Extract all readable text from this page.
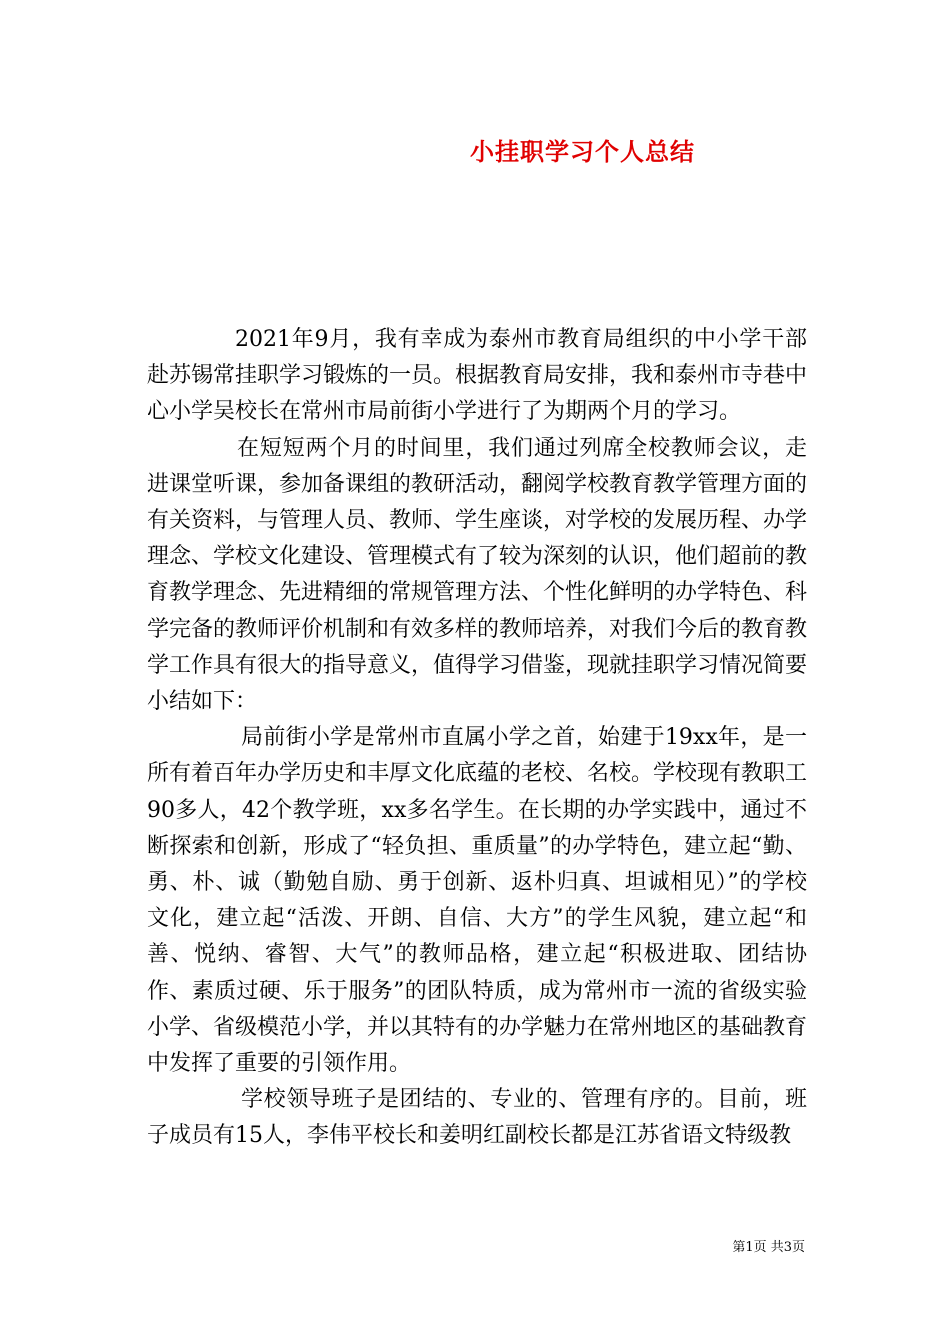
小挂职学习个人总结

2021年9月，我有幸成为泰州市教育局组织的中小学干部赴苏锡常挂职学习锻炼的一员。根据教育局安排，我和泰州市寺巷中心小学吴校长在常州市局前街小学进行了为期两个月的学习。

在短短两个月的时间里，我们通过列席全校教师会议，走进课堂听课，参加备课组的教研活动，翻阅学校教育教学管理方面的有关资料，与管理人员、教师、学生座谈，对学校的发展历程、办学理念、学校文化建设、管理模式有了较为深刻的认识，他们超前的教育教学理念、先进精细的常规管理方法、个性化鲜明的办学特色、科学完备的教师评价机制和有效多样的教师培养，对我们今后的教育教学工作具有很大的指导意义，值得学习借鉴，现就挂职学习情况简要小结如下：

局前街小学是常州市直属小学之首，始建于19xx年，是一所有着百年办学历史和丰厚文化底蕴的老校、名校。学校现有教职工90多人，42个教学班，xx多名学生。在长期的办学实践中，通过不断探索和创新，形成了“轻负担、重质量”的办学特色，建立起“勤、勇、朴、诚（勤勉自励、勇于创新、返朴归真、坦诚相见）”的学校文化，建立起“活泼、开朗、自信、大方”的学生风貌，建立起“和善、悦纳、睿智、大气”的教师品格，建立起“积极进取、团结协作、素质过硬、乐于服务”的团队特质，成为常州市一流的省级实验小学、省级模范小学，并以其特有的办学魅力在常州地区的基础教育中发挥了重要的引领作用。

学校领导班子是团结的、专业的、管理有序的。目前，班子成员有15人，李伟平校长和姜明红副校长都是江苏省语文特级教

第1页 共3页
